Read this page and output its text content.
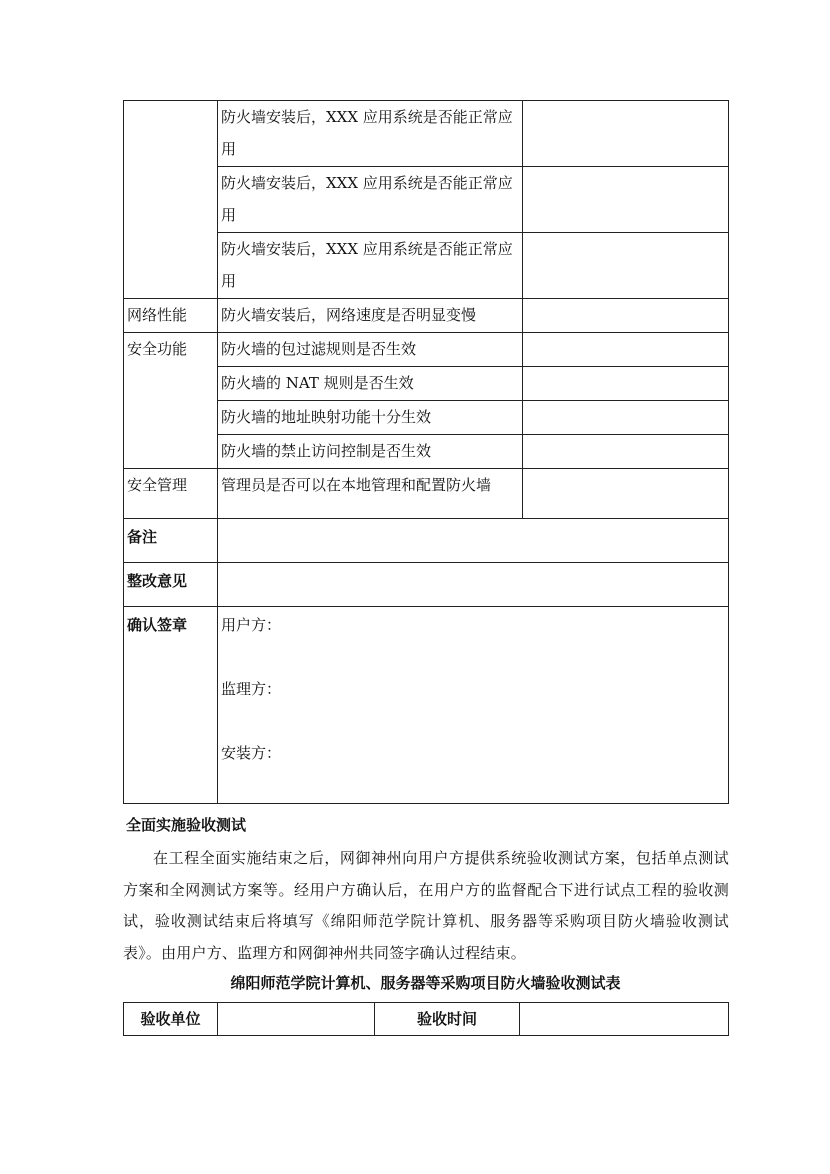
	防火墙安装后，XXX 应用系统是否能正常应用	
	防火墙安装后，XXX 应用系统是否能正常应用	
	防火墙安装后，XXX 应用系统是否能正常应用	
网络性能	防火墙安装后，网络速度是否明显变慢	
安全功能	防火墙的包过滤规则是否生效	
	防火墙的 NAT 规则是否生效	
	防火墙的地址映射功能十分生效	
	防火墙的禁止访问控制是否生效	
安全管理	管理员是否可以在本地管理和配置防火墙	
备注		
整改意见		
确认签章	用户方：
监理方：
安装方：	
全面实施验收测试

在工程全面实施结束之后，网御神州向用户方提供系统验收测试方案，包括单点测试方案和全网测试方案等。经用户方确认后，在用户方的监督配合下进行试点工程的验收测试，验收测试结束后将填写《绵阳师范学院计算机、服务器等采购项目防火墙验收测试表》。由用户方、监理方和网御神州共同签字确认过程结束。

绵阳师范学院计算机、服务器等采购项目防火墙验收测试表
验收单位		验收时间	
